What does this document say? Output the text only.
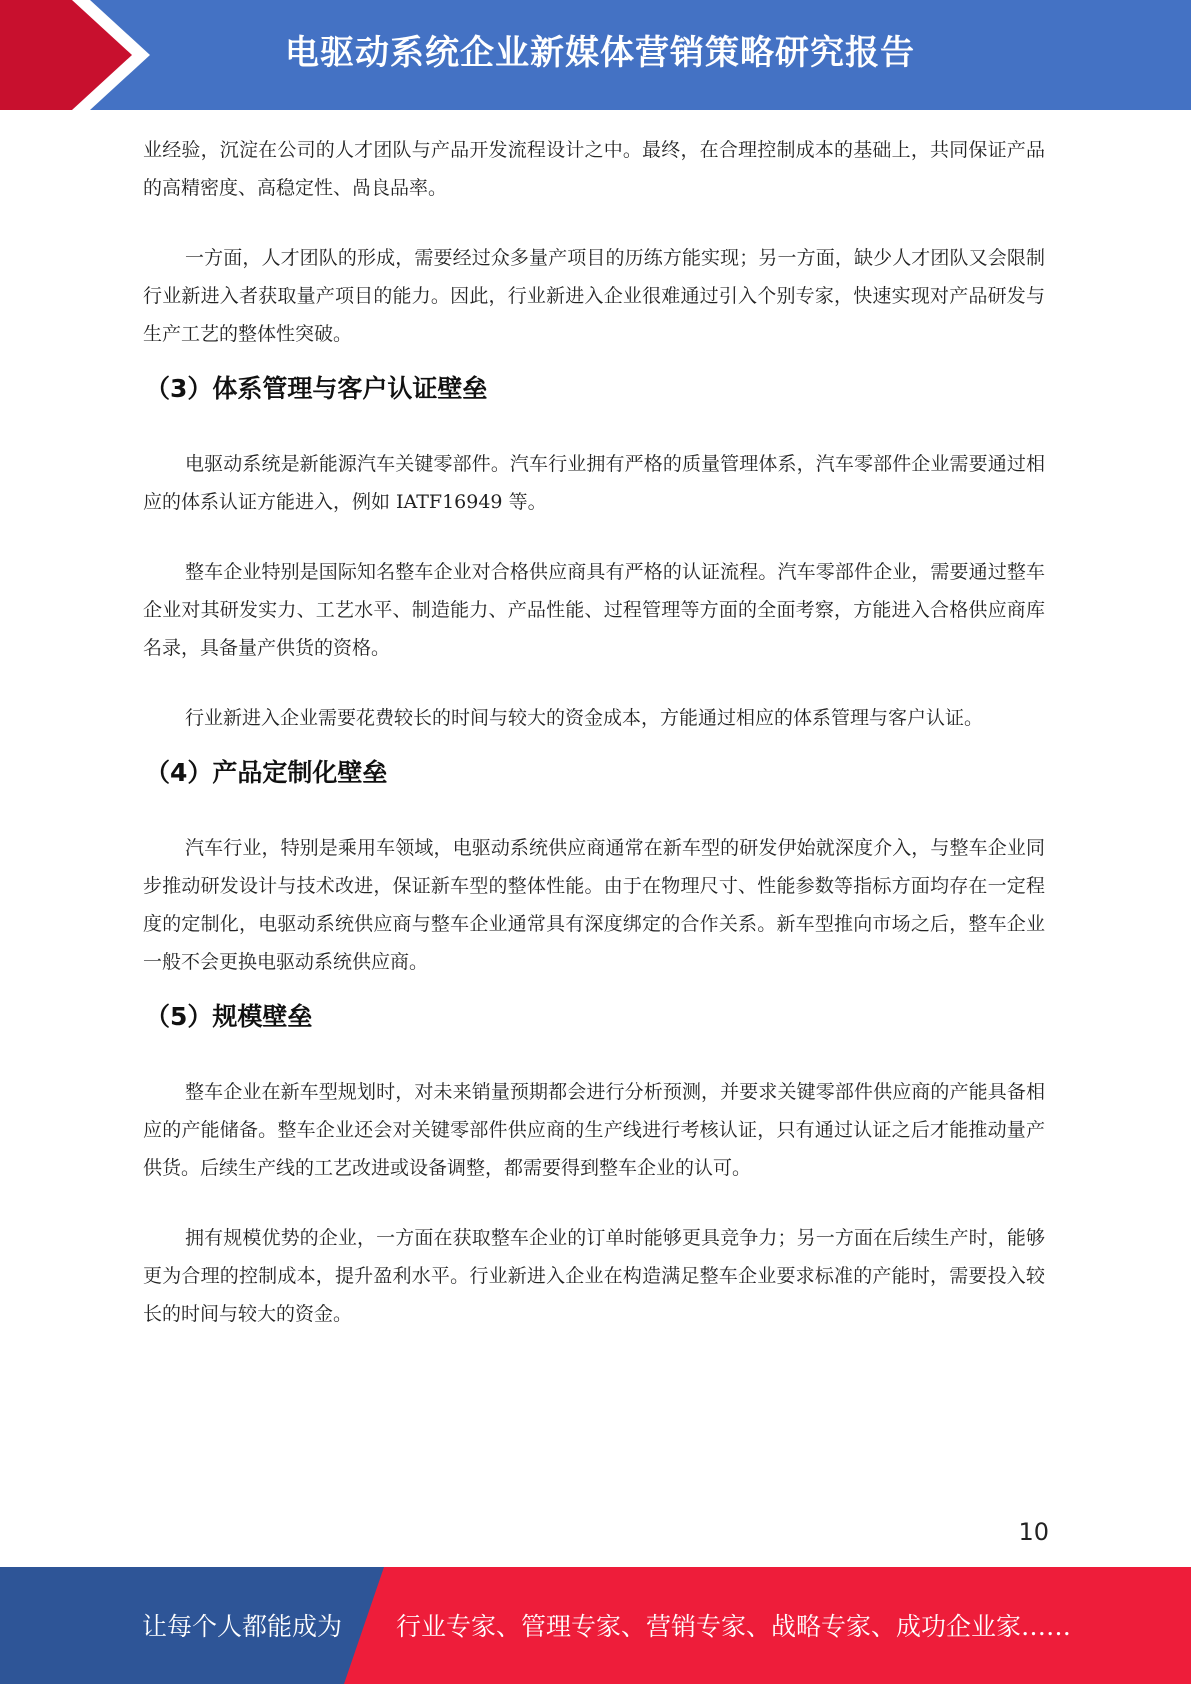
电驱动系统企业新媒体营销策略研究报告

业经验，沉淀在公司的人才团队与产品开发流程设计之中。最终，在合理控制成本的基础上，共同保证产品的高精密度、高稳定性、咼良品率。

一方面，人才团队的形成，需要经过众多量产项目的历练方能实现；另一方面，缺少人才团队又会限制行业新进入者获取量产项目的能力。因此，行业新进入企业很难通过引入个别专家，快速实现对产品研发与生产工艺的整体性突破。

（3）体系管理与客户认证壁垒

电驱动系统是新能源汽车关键零部件。汽车行业拥有严格的质量管理体系，汽车零部件企业需要通过相应的体系认证方能进入，例如 IATF16949 等。

整车企业特别是国际知名整车企业对合格供应商具有严格的认证流程。汽车零部件企业，需要通过整车企业对其研发实力、工艺水平、制造能力、产品性能、过程管理等方面的全面考察，方能进入合格供应商库名录，具备量产供货的资格。

行业新进入企业需要花费较长的时间与较大的资金成本，方能通过相应的体系管理与客户认证。

（4）产品定制化壁垒

汽车行业，特别是乘用车领域，电驱动系统供应商通常在新车型的研发伊始就深度介入，与整车企业同步推动研发设计与技术改进，保证新车型的整体性能。由于在物理尺寸、性能参数等指标方面均存在一定程度的定制化，电驱动系统供应商与整车企业通常具有深度绑定的合作关系。新车型推向市场之后，整车企业一般不会更换电驱动系统供应商。

（5）规模壁垒

整车企业在新车型规划时，对未来销量预期都会进行分析预测，并要求关键零部件供应商的产能具备相应的产能储备。整车企业还会对关键零部件供应商的生产线进行考核认证，只有通过认证之后才能推动量产供货。后续生产线的工艺改进或设备调整，都需要得到整车企业的认可。

拥有规模优势的企业，一方面在获取整车企业的订单时能够更具竞争力；另一方面在后续生产时，能够更为合理的控制成本，提升盈利水平。行业新进入企业在构造满足整车企业要求标准的产能时，需要投入较长的时间与较大的资金。

10
让每个人都能成为 行业专家、管理专家、营销专家、战略专家、成功企业家……
